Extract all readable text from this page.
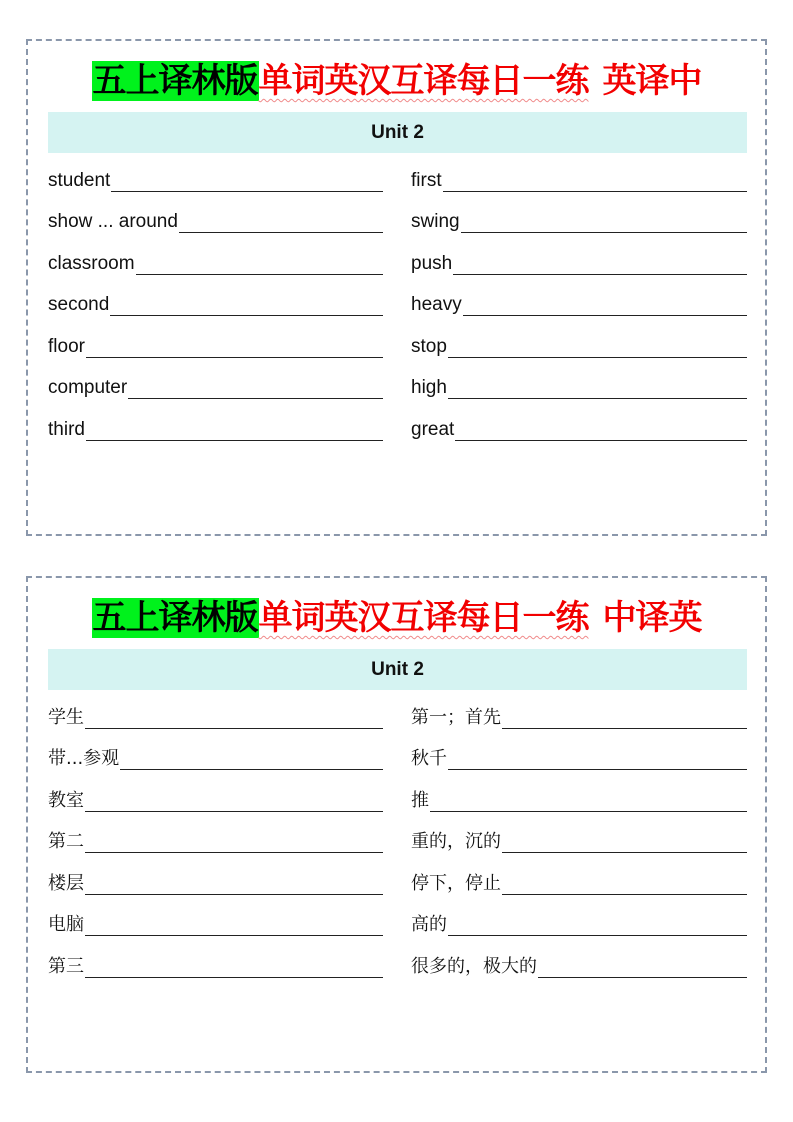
五上译林版单词英汉互译每日一练 英译中
Unit 2
student
show ... around
classroom
second
floor
computer
third
first
swing
push
heavy
stop
high
great
五上译林版单词英汉互译每日一练 中译英
Unit 2
学生
带...参观
教室
第二
楼层
电脑
第三
第一；首先
秋千
推
重的，沉的
停下，停止
高的
很多的，极大的
